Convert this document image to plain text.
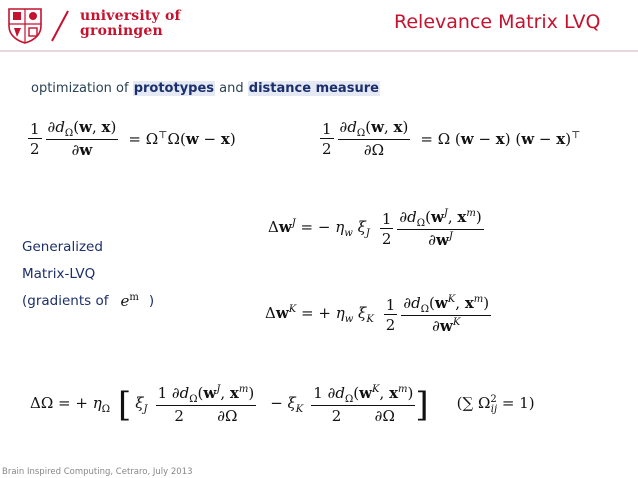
university of
groningen	Relevance Matrix LVQ
optimization of prototypes and distance measure
$\frac{1}{2} \frac{\partial d_\Omega(w, x)}{\partial w} = \Omega^⊤\Omega(w - x)$	$\frac{1}{2} \frac{\partial d_\Omega(w, x)}{\partial\Omega} = \Omega$ (w − x) (w − x)⊤
Generalized
Matrix-LVQ
(gradients of $e^m$ )
$\Delta w^J$ = − $\eta_w$ $\xi_J \frac{1}{2} \frac{\partial d_\Omega(w^J, x^m)}{\partial w^J}$
$\Delta w^K$ = + $\eta_w$ $\xi_K \frac{1}{2} \frac{\partial d_\Omega(w^K, x^m)}{\partial w^K}$
ΔΩ = + $\eta_\Omega$ [ $\xi_J \frac{1 \partial d_\Omega(w^J, x^m)}{2 \partial\Omega} - \xi_K \frac{1 \partial d_\Omega(w^K, x^m)}{2 \partial\Omega}$ ] (∑ $\Omega^2_{ij} = 1$)
Brain Inspired Computing, Cetraro, July 2013
